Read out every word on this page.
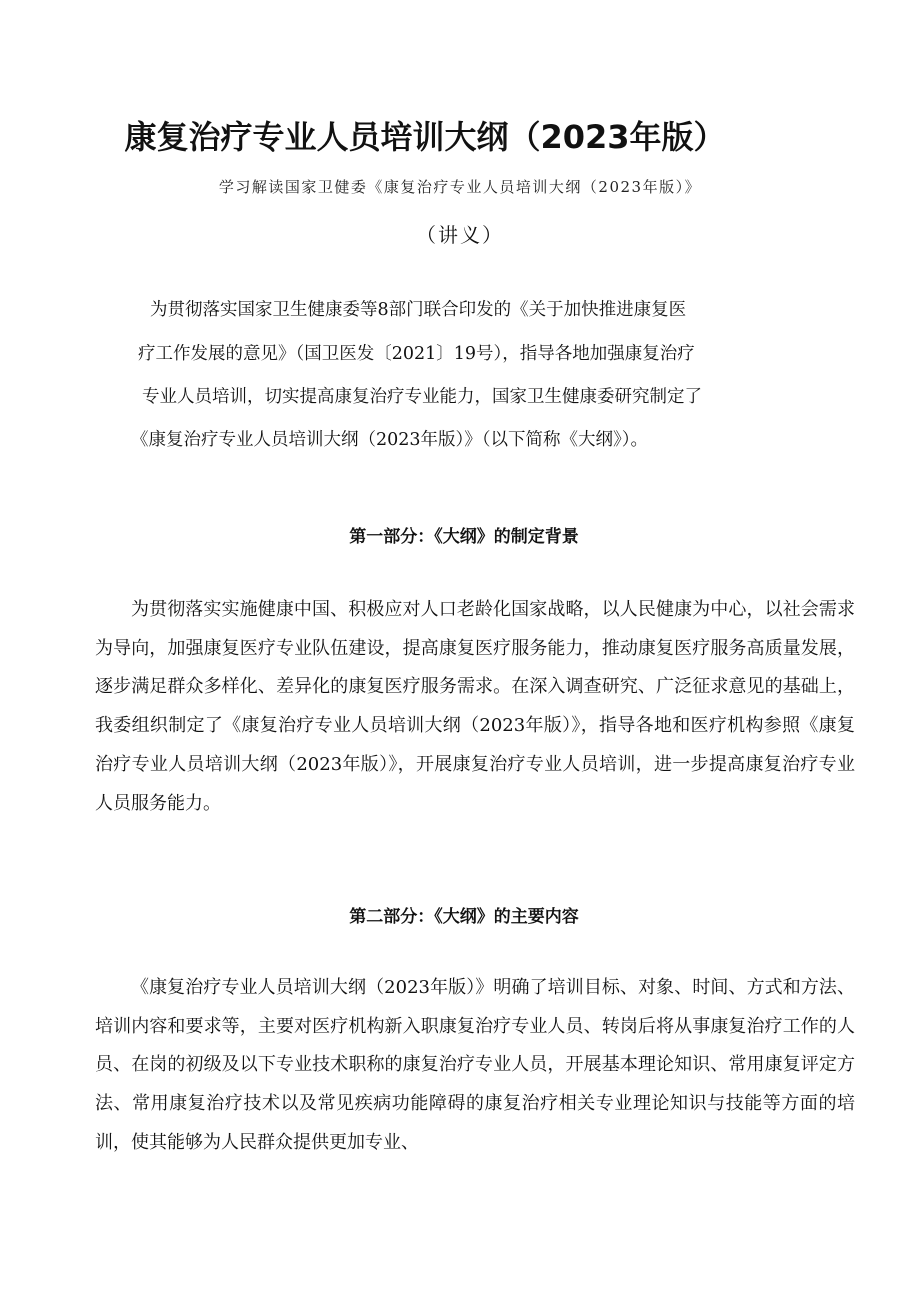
康复治疗专业人员培训大纲（2023年版）
学习解读国家卫健委《康复治疗专业人员培训大纲（2023年版）》
（讲义）
为贯彻落实国家卫生健康委等8部门联合印发的《关于加快推进康复医
疗工作发展的意见》（国卫医发〔2021〕19号），指导各地加强康复治疗
专业人员培训，切实提高康复治疗专业能力，国家卫生健康委研究制定了
《康复治疗专业人员培训大纲（2023年版）》（以下简称《大纲》）。
第一部分：《大纲》的制定背景

为贯彻落实实施健康中国、积极应对人口老龄化国家战略，以人民健康为中心，以社会需求为导向，加强康复医疗专业队伍建设，提高康复医疗服务能力，推动康复医疗服务高质量发展，逐步满足群众多样化、差异化的康复医疗服务需求。在深入调查研究、广泛征求意见的基础上，我委组织制定了《康复治疗专业人员培训大纲（2023年版）》，指导各地和医疗机构参照《康复治疗专业人员培训大纲（2023年版）》，开展康复治疗专业人员培训，进一步提高康复治疗专业人员服务能力。

第二部分：《大纲》的主要内容

《康复治疗专业人员培训大纲（2023年版）》明确了培训目标、对象、时间、方式和方法、培训内容和要求等，主要对医疗机构新入职康复治疗专业人员、转岗后将从事康复治疗工作的人员、在岗的初级及以下专业技术职称的康复治疗专业人员，开展基本理论知识、常用康复评定方法、常用康复治疗技术以及常见疾病功能障碍的康复治疗相关专业理论知识与技能等方面的培训，使其能够为人民群众提供更加专业、
